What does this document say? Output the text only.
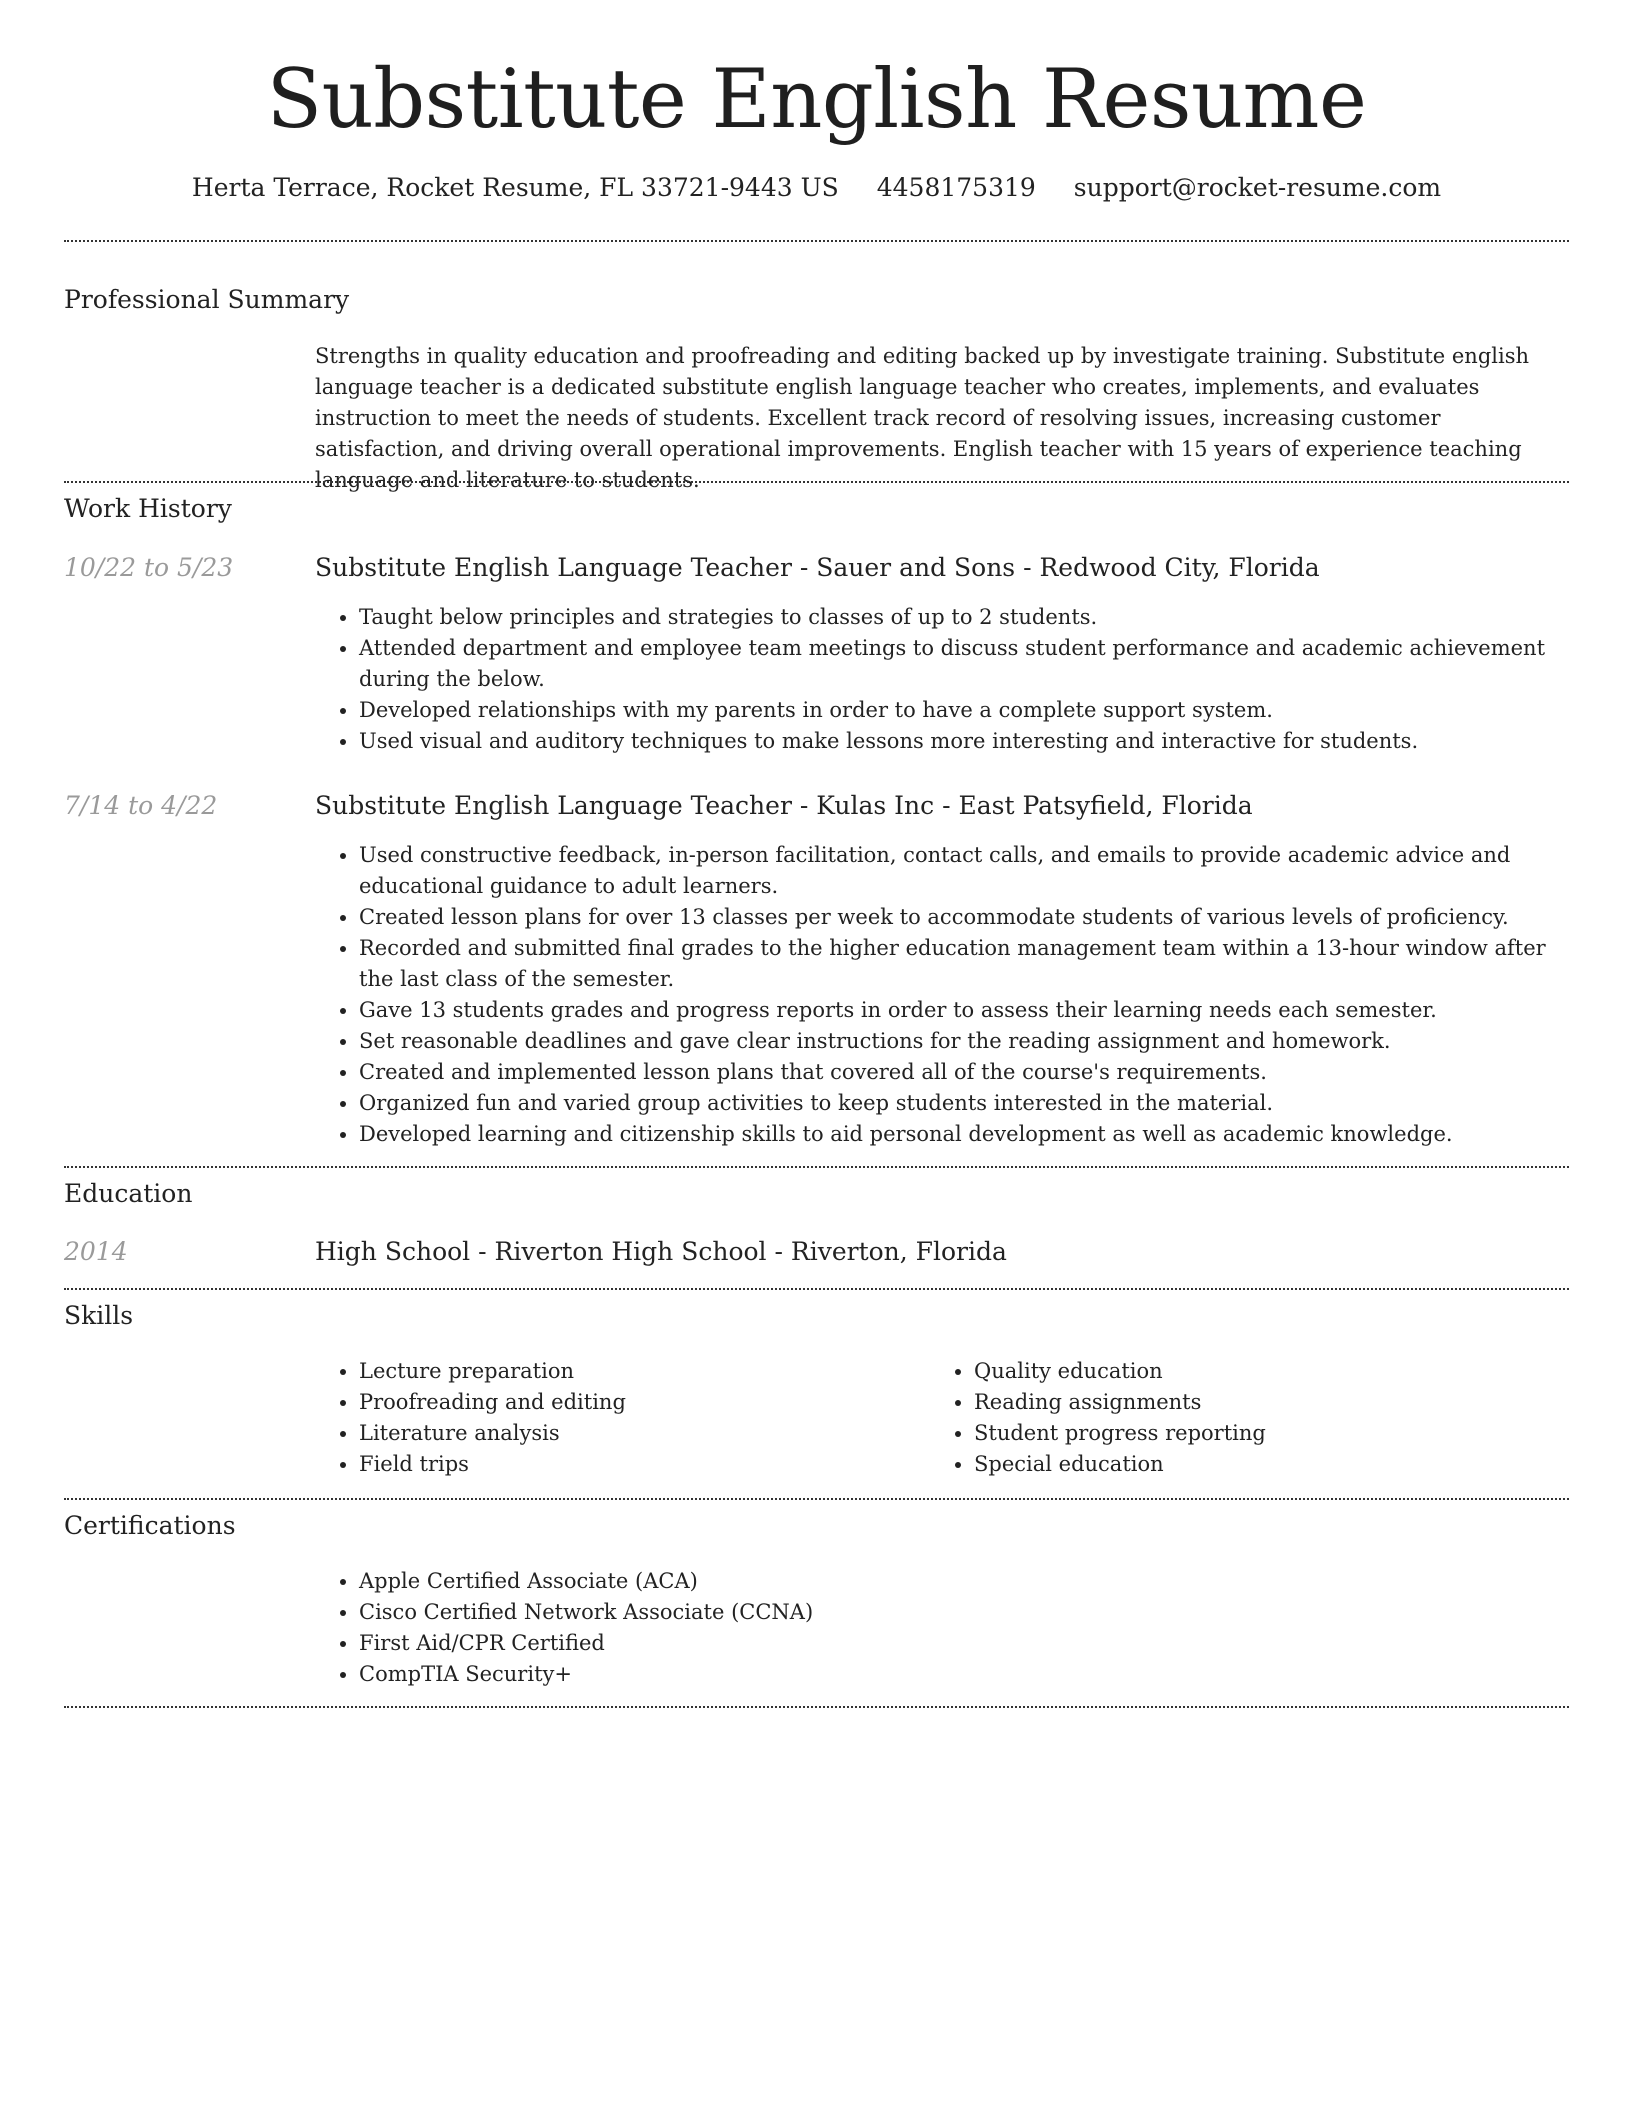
Substitute English Resume
Herta Terrace, Rocket Resume, FL 33721-9443 US 4458175319 support@rocket-resume.com
Professional Summary

Strengths in quality education and proofreading and editing backed up by investigate training. Substitute english language teacher is a dedicated substitute english language teacher who creates, implements, and evaluates instruction to meet the needs of students. Excellent track record of resolving issues, increasing customer satisfaction, and driving overall operational improvements. English teacher with 15 years of experience teaching language and literature to students.

Work History
10/22 to 5/23	Substitute English Language Teacher - Sauer and Sons - Redwood City, Florida
• Taught below principles and strategies to classes of up to 2 students.
• Attended department and employee team meetings to discuss student performance and academic achievement during the below.
• Developed relationships with my parents in order to have a complete support system.
• Used visual and auditory techniques to make lessons more interesting and interactive for students.
7/14 to 4/22	Substitute English Language Teacher - Kulas Inc - East Patsyfield, Florida
• Used constructive feedback, in-person facilitation, contact calls, and emails to provide academic advice and educational guidance to adult learners.
• Created lesson plans for over 13 classes per week to accommodate students of various levels of proficiency.
• Recorded and submitted final grades to the higher education management team within a 13-hour window after the last class of the semester.
• Gave 13 students grades and progress reports in order to assess their learning needs each semester.
• Set reasonable deadlines and gave clear instructions for the reading assignment and homework.
• Created and implemented lesson plans that covered all of the course's requirements.
• Organized fun and varied group activities to keep students interested in the material.
• Developed learning and citizenship skills to aid personal development as well as academic knowledge.
Education
2014	High School - Riverton High School - Riverton, Florida
Skills
• Lecture preparation
• Proofreading and editing
• Literature analysis
• Field trips
• Quality education
• Reading assignments
• Student progress reporting
• Special education
Certifications
• Apple Certified Associate (ACA)
• Cisco Certified Network Associate (CCNA)
• First Aid/CPR Certified
• CompTIA Security+
